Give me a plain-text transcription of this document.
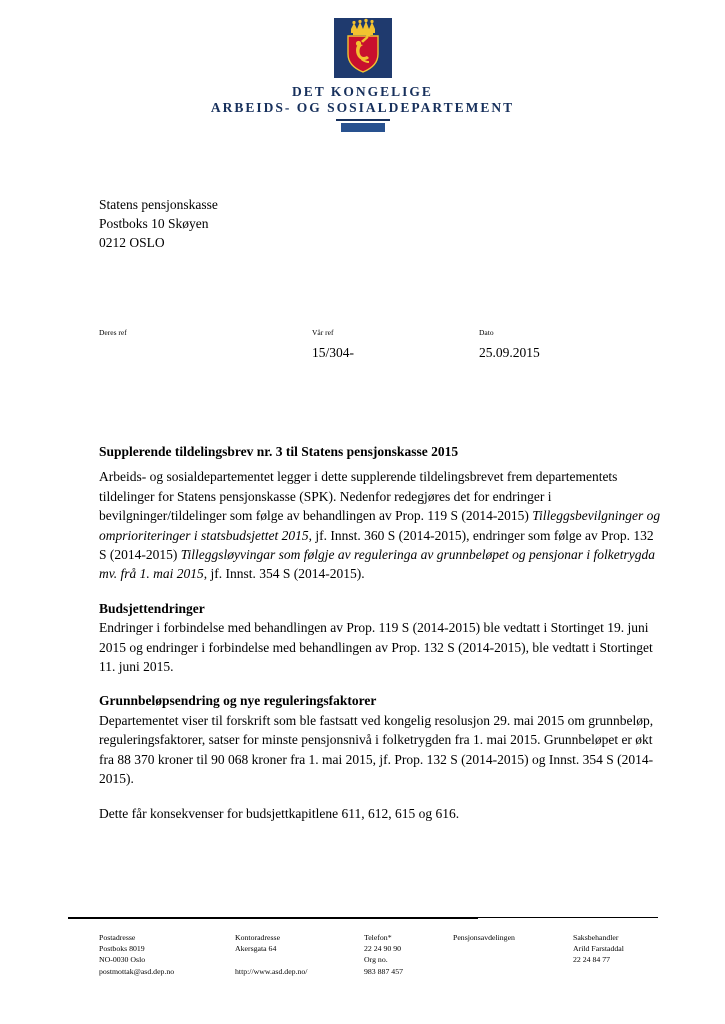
DET KONGELIGE
ARBEIDS- OG SOSIALDEPARTEMENT
Statens pensjonskasse
Postboks 10 Skøyen
0212 OSLO
Deres ref	Vår ref
15/304-
Dato
25.09.2015
Supplerende tildelingsbrev nr. 3 til Statens pensjonskasse 2015

Arbeids- og sosialdepartementet legger i dette supplerende tildelingsbrevet frem departementets tildelinger for Statens pensjonskasse (SPK). Nedenfor redegjøres det for endringer i bevilgninger/tildelinger som følge av behandlingen av Prop. 119 S (2014-2015) Tilleggsbevilgninger og omprioriteringer i statsbudsjettet 2015, jf. Innst. 360 S (2014-2015), endringer som følge av Prop. 132 S (2014-2015) Tilleggsløyvingar som følgje av reguleringa av grunnbeløpet og pensjonar i folketrygda mv. frå 1. mai 2015, jf. Innst. 354 S (2014-2015).

Budsjettendringer

Endringer i forbindelse med behandlingen av Prop. 119 S (2014-2015) ble vedtatt i Stortinget 19. juni 2015 og endringer i forbindelse med behandlingen av Prop. 132 S (2014-2015), ble vedtatt i Stortinget 11. juni 2015.

Grunnbeløpsendring og nye reguleringsfaktorer

Departementet viser til forskrift som ble fastsatt ved kongelig resolusjon 29. mai 2015 om grunnbeløp, reguleringsfaktorer, satser for minste pensjonsnivå i folketrygden fra 1. mai 2015. Grunnbeløpet er økt fra 88 370 kroner til 90 068 kroner fra 1. mai 2015, jf. Prop. 132 S (2014-2015) og Innst. 354 S (2014-2015).

Dette får konsekvenser for budsjettkapitlene 611, 612, 615 og 616.

Postadresse
Postboks 8019
NO-0030 Oslo
postmottak@asd.dep.no
Kontoradresse
Akersgata 64
http://www.asd.dep.no/
Telefon*
22 24 90 90
Org no.
983 887 457
Pensjonsavdelingen	Saksbehandler
Arild Farstaddal
22 24 84 77
